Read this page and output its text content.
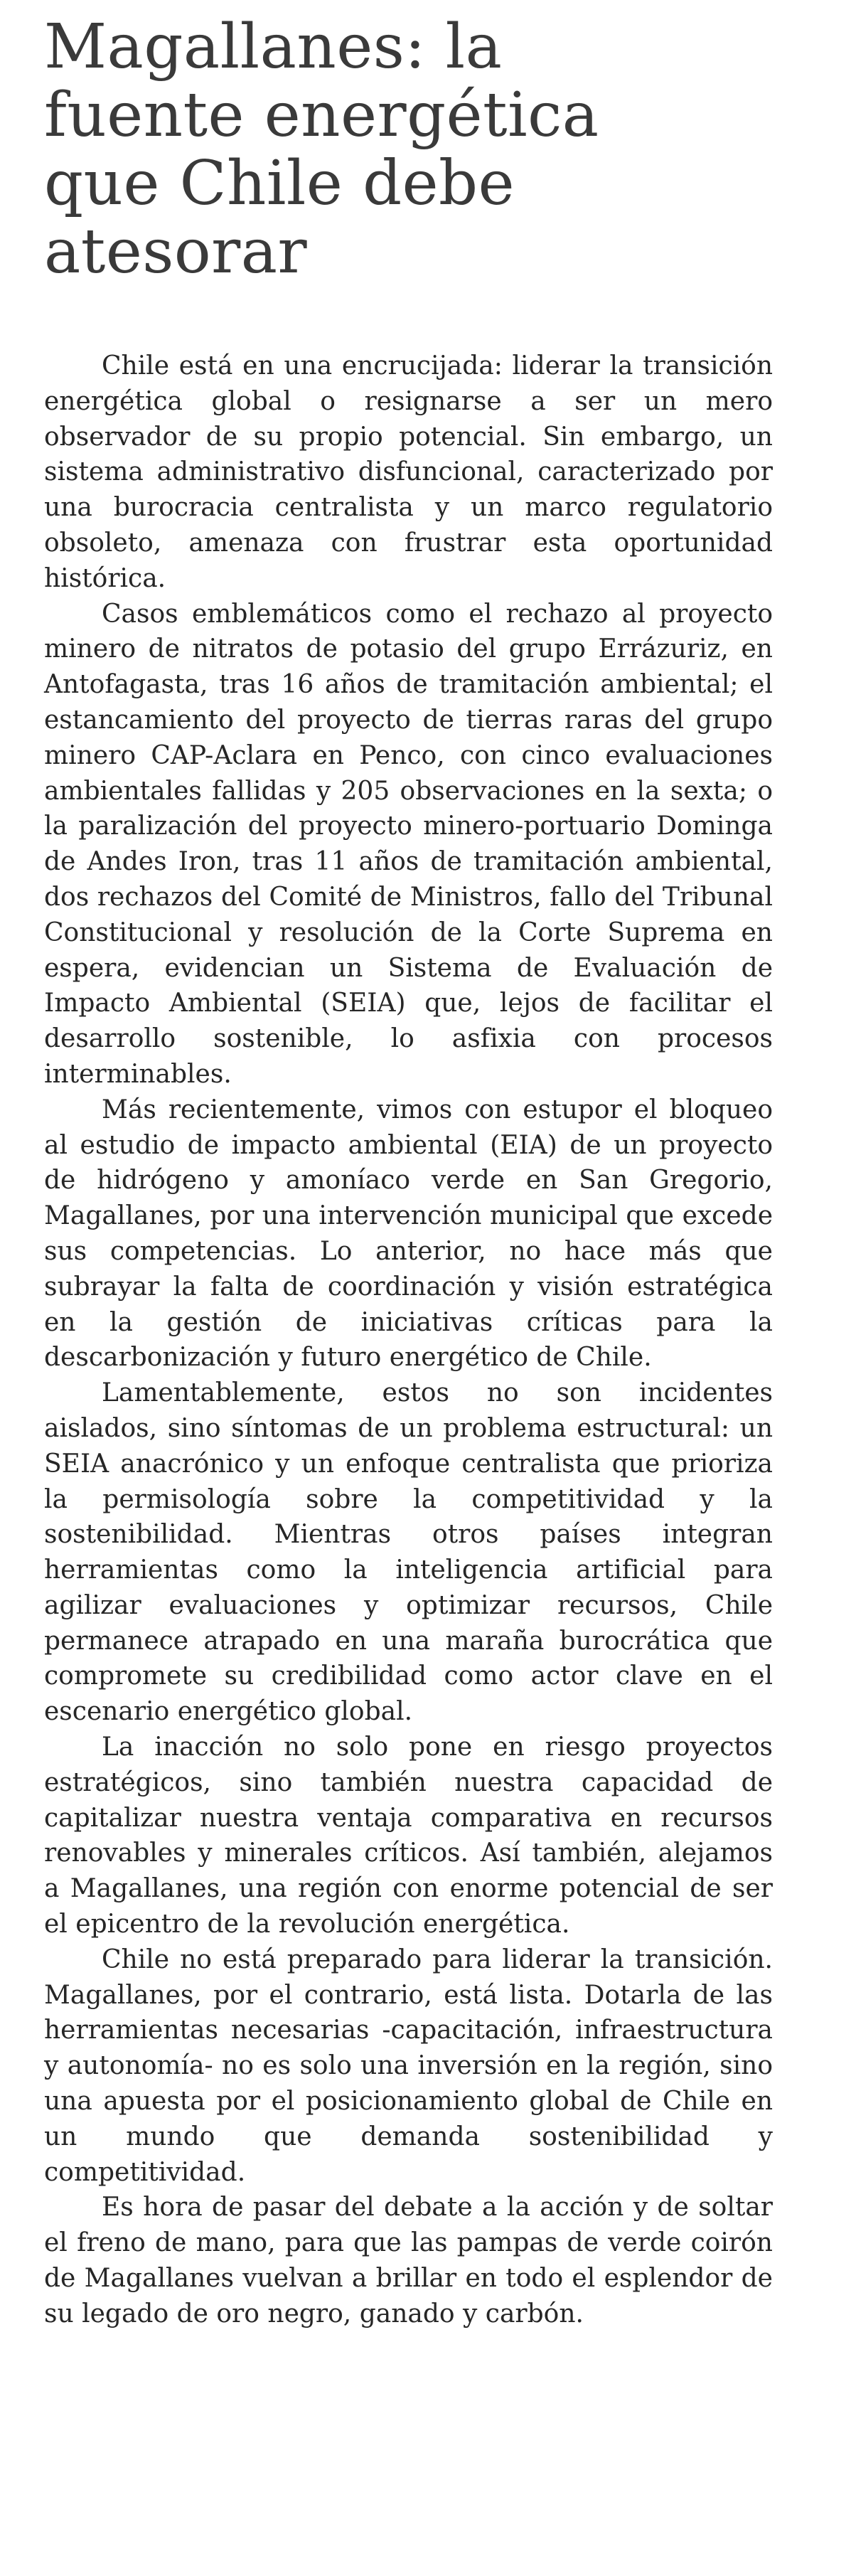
Magallanes: la
fuente energética
que Chile debe
atesorar

Chile está en una encrucijada: liderar la transición energética global o resignarse a ser un mero observador de su propio potencial. Sin embargo, un sistema administrativo disfuncional, caracterizado por una burocracia centralista y un marco regulatorio obsoleto, amenaza con frustrar esta oportunidad histórica.

Casos emblemáticos como el rechazo al proyecto minero de nitratos de potasio del grupo Errázuriz, en Antofagasta, tras 16 años de tramitación ambiental; el estancamiento del proyecto de tierras raras del grupo minero CAP-Aclara en Penco, con cinco evaluaciones ambientales fallidas y 205 observaciones en la sexta; o la paralización del proyecto minero-portuario Dominga de Andes Iron, tras 11 años de tramitación ambiental, dos rechazos del Comité de Ministros, fallo del Tribunal Constitucional y resolución de la Corte Suprema en espera, evidencian un Sistema de Evaluación de Impacto Ambiental (SEIA) que, lejos de facilitar el desarrollo sostenible, lo asfixia con procesos interminables.

Más recientemente, vimos con estupor el bloqueo al estudio de impacto ambiental (EIA) de un proyecto de hidrógeno y amoníaco verde en San Gregorio, Magallanes, por una intervención municipal que excede sus competencias. Lo anterior, no hace más que subrayar la falta de coordinación y visión estratégica en la gestión de iniciativas críticas para la descarbonización y futuro energético de Chile.

Lamentablemente, estos no son incidentes aislados, sino síntomas de un problema estructural: un SEIA anacrónico y un enfoque centralista que prioriza la permisología sobre la competitividad y la sostenibilidad. Mientras otros países integran herramientas como la inteligencia artificial para agilizar evaluaciones y optimizar recursos, Chile permanece atrapado en una maraña burocrática que compromete su credibilidad como actor clave en el escenario energético global.

La inacción no solo pone en riesgo proyectos estratégicos, sino también nuestra capacidad de capitalizar nuestra ventaja comparativa en recursos renovables y minerales críticos. Así también, alejamos a Magallanes, una región con enorme potencial de ser el epicentro de la revolución energética.

Chile no está preparado para liderar la transición. Magallanes, por el contrario, está lista. Dotarla de las herramientas necesarias -capacitación, infraestructura y autonomía- no es solo una inversión en la región, sino una apuesta por el posicionamiento global de Chile en un mundo que demanda sostenibilidad y competitividad.

Es hora de pasar del debate a la acción y de soltar el freno de mano, para que las pampas de verde coirón de Magallanes vuelvan a brillar en todo el esplendor de su legado de oro negro, ganado y carbón.
